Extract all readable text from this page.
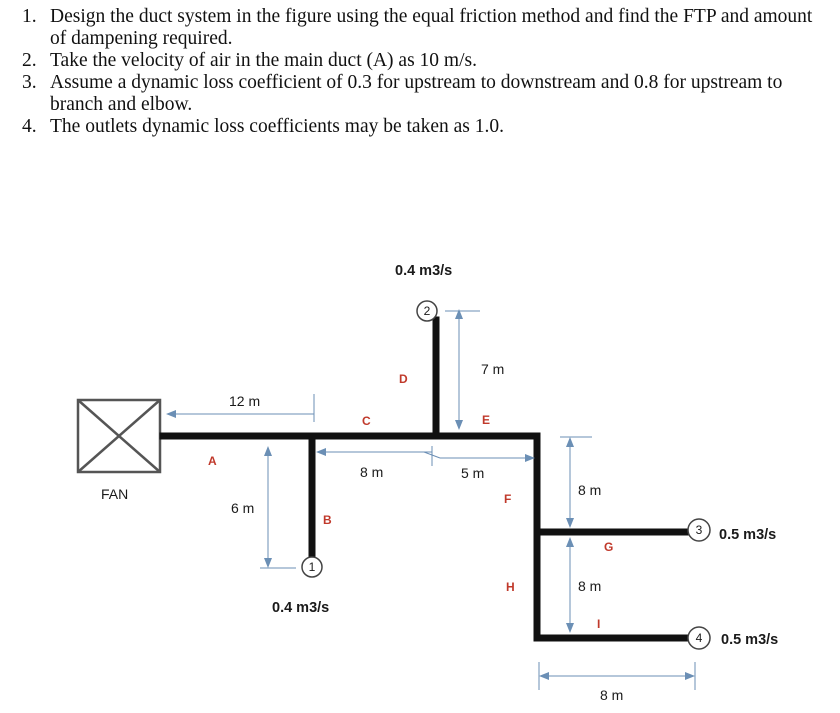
1. Design the duct system in the figure using the equal friction method and find the FTP and amount of dampening required.
2. Take the velocity of air in the main duct (A) as 10 m/s.
3. Assume a dynamic loss coefficient of 0.3 for upstream to downstream and 0.8 for upstream to branch and elbow.
4. The outlets dynamic loss coefficients may be taken as 1.0.
FAN
A
B
C
D
E
F
G
H
I
1
2
3
4
0.4 m3/s
0.4 m3/s
0.5 m3/s
0.5 m3/s
12 m
6 m
8 m
7 m
5 m
8 m
8 m
8 m
